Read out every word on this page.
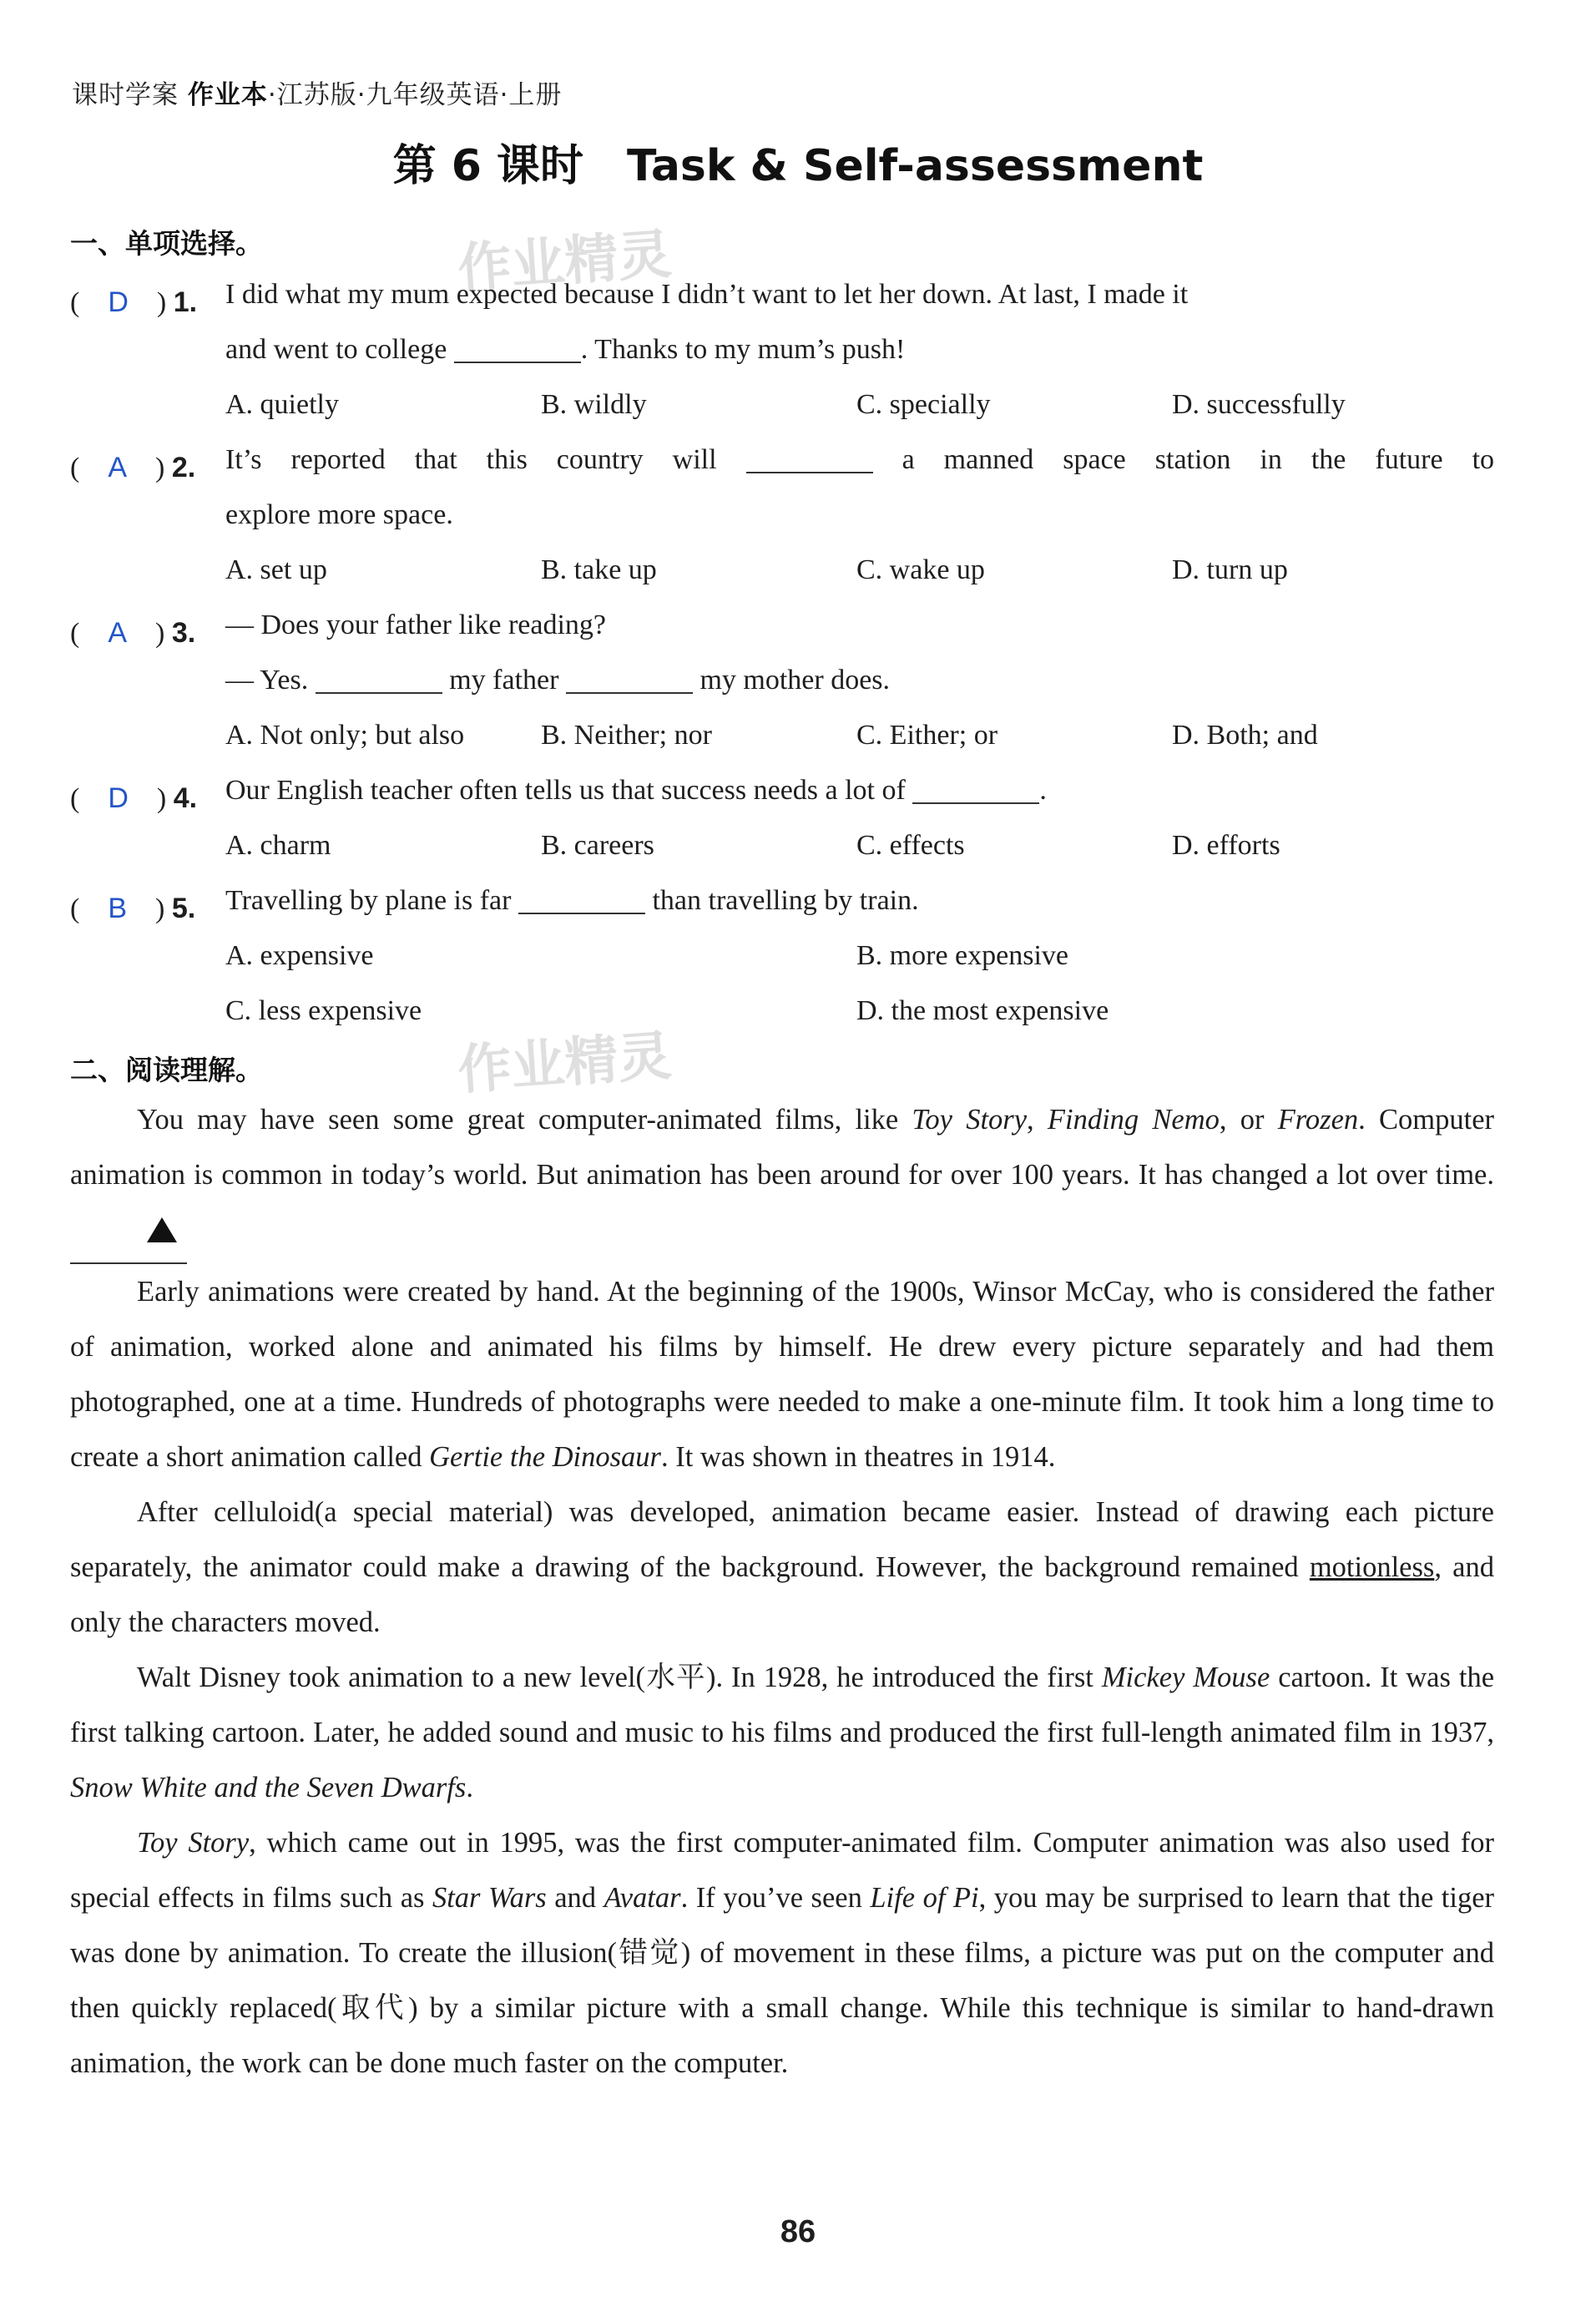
课时学案 作业本·江苏版·九年级英语·上册
第 6 课时　Task & Self-assessment
作业精灵
作业精灵
一、单项选择。
(　D　) 1. I did what my mum expected because I didn’t want to let her down. At last, I made it
and went to college	. Thanks to my mum’s push!
A. quietly	B. wildly	C. specially	D. successfully
(　A　) 2. It’s reported that this country will	a manned space station in the future to
explore more space.
A. set up	B. take up	C. wake up	D. turn up
(　A　) 3. — Does your father like reading?
— Yes.	my father	my mother does.
A. Not only; but also	B. Neither; nor	C. Either; or	D. Both; and
(　D　) 4. Our English teacher often tells us that success needs a lot of	.
A. charm	B. careers	C. effects	D. efforts
(　B　) 5. Travelling by plane is far	than travelling by train.
A. expensive	B. more expensive
C. less expensive	D. the most expensive
二、阅读理解。

You may have seen some great computer-animated films, like Toy Story, Finding Nemo, or Frozen. Computer animation is common in today’s world. But animation has been around for over 100 years. It has changed a lot over time.

Early animations were created by hand. At the beginning of the 1900s, Winsor McCay, who is considered the father of animation, worked alone and animated his films by himself. He drew every picture separately and had them photographed, one at a time. Hundreds of photographs were needed to make a one-minute film. It took him a long time to create a short animation called Gertie the Dinosaur. It was shown in theatres in 1914.

After celluloid(a special material) was developed, animation became easier. Instead of drawing each picture separately, the animator could make a drawing of the background. However, the background remained motionless, and only the characters moved.

Walt Disney took animation to a new level(水平). In 1928, he introduced the first Mickey Mouse cartoon. It was the first talking cartoon. Later, he added sound and music to his films and produced the first full-length animated film in 1937, Snow White and the Seven Dwarfs.

Toy Story, which came out in 1995, was the first computer-animated film. Computer animation was also used for special effects in films such as Star Wars and Avatar. If you’ve seen Life of Pi, you may be surprised to learn that the tiger was done by animation. To create the illusion(错觉) of movement in these films, a picture was put on the computer and then quickly replaced(取代) by a similar picture with a small change. While this technique is similar to hand-drawn animation, the work can be done much faster on the computer.

86
